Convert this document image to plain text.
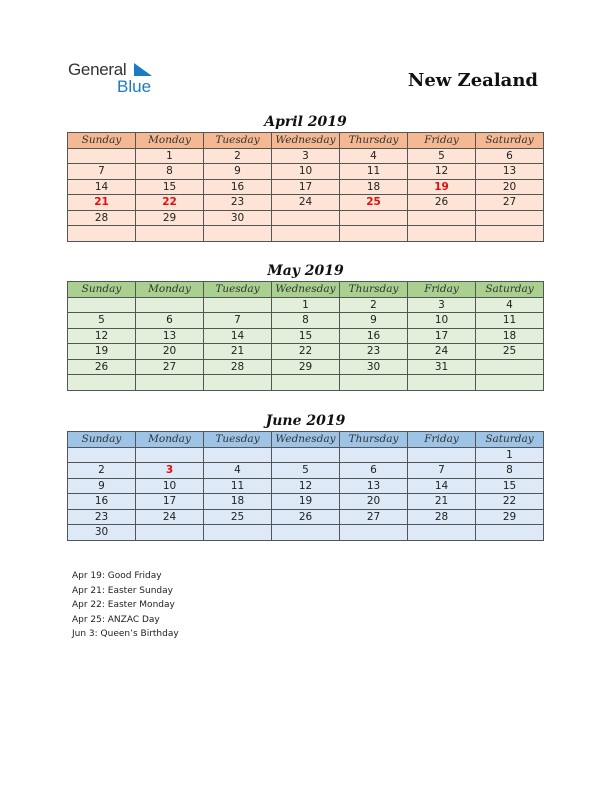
General
Blue	New Zealand
April 2019
Sunday	Monday	Tuesday	Wednesday	Thursday	Friday	Saturday
	1	2	3	4	5	6
7	8	9	10	11	12	13
14	15	16	17	18	19	20
21	22	23	24	25	26	27
28	29	30				

May 2019
Sunday	Monday	Tuesday	Wednesday	Thursday	Friday	Saturday
			1	2	3	4
5	6	7	8	9	10	11
12	13	14	15	16	17	18
19	20	21	22	23	24	25
26	27	28	29	30	31	

June 2019
Sunday	Monday	Tuesday	Wednesday	Thursday	Friday	Saturday
						1
2	3	4	5	6	7	8
9	10	11	12	13	14	15
16	17	18	19	20	21	22
23	24	25	26	27	28	29
30						
Apr 19: Good Friday
Apr 21: Easter Sunday
Apr 22: Easter Monday
Apr 25: ANZAC Day
Jun 3: Queen’s Birthday
